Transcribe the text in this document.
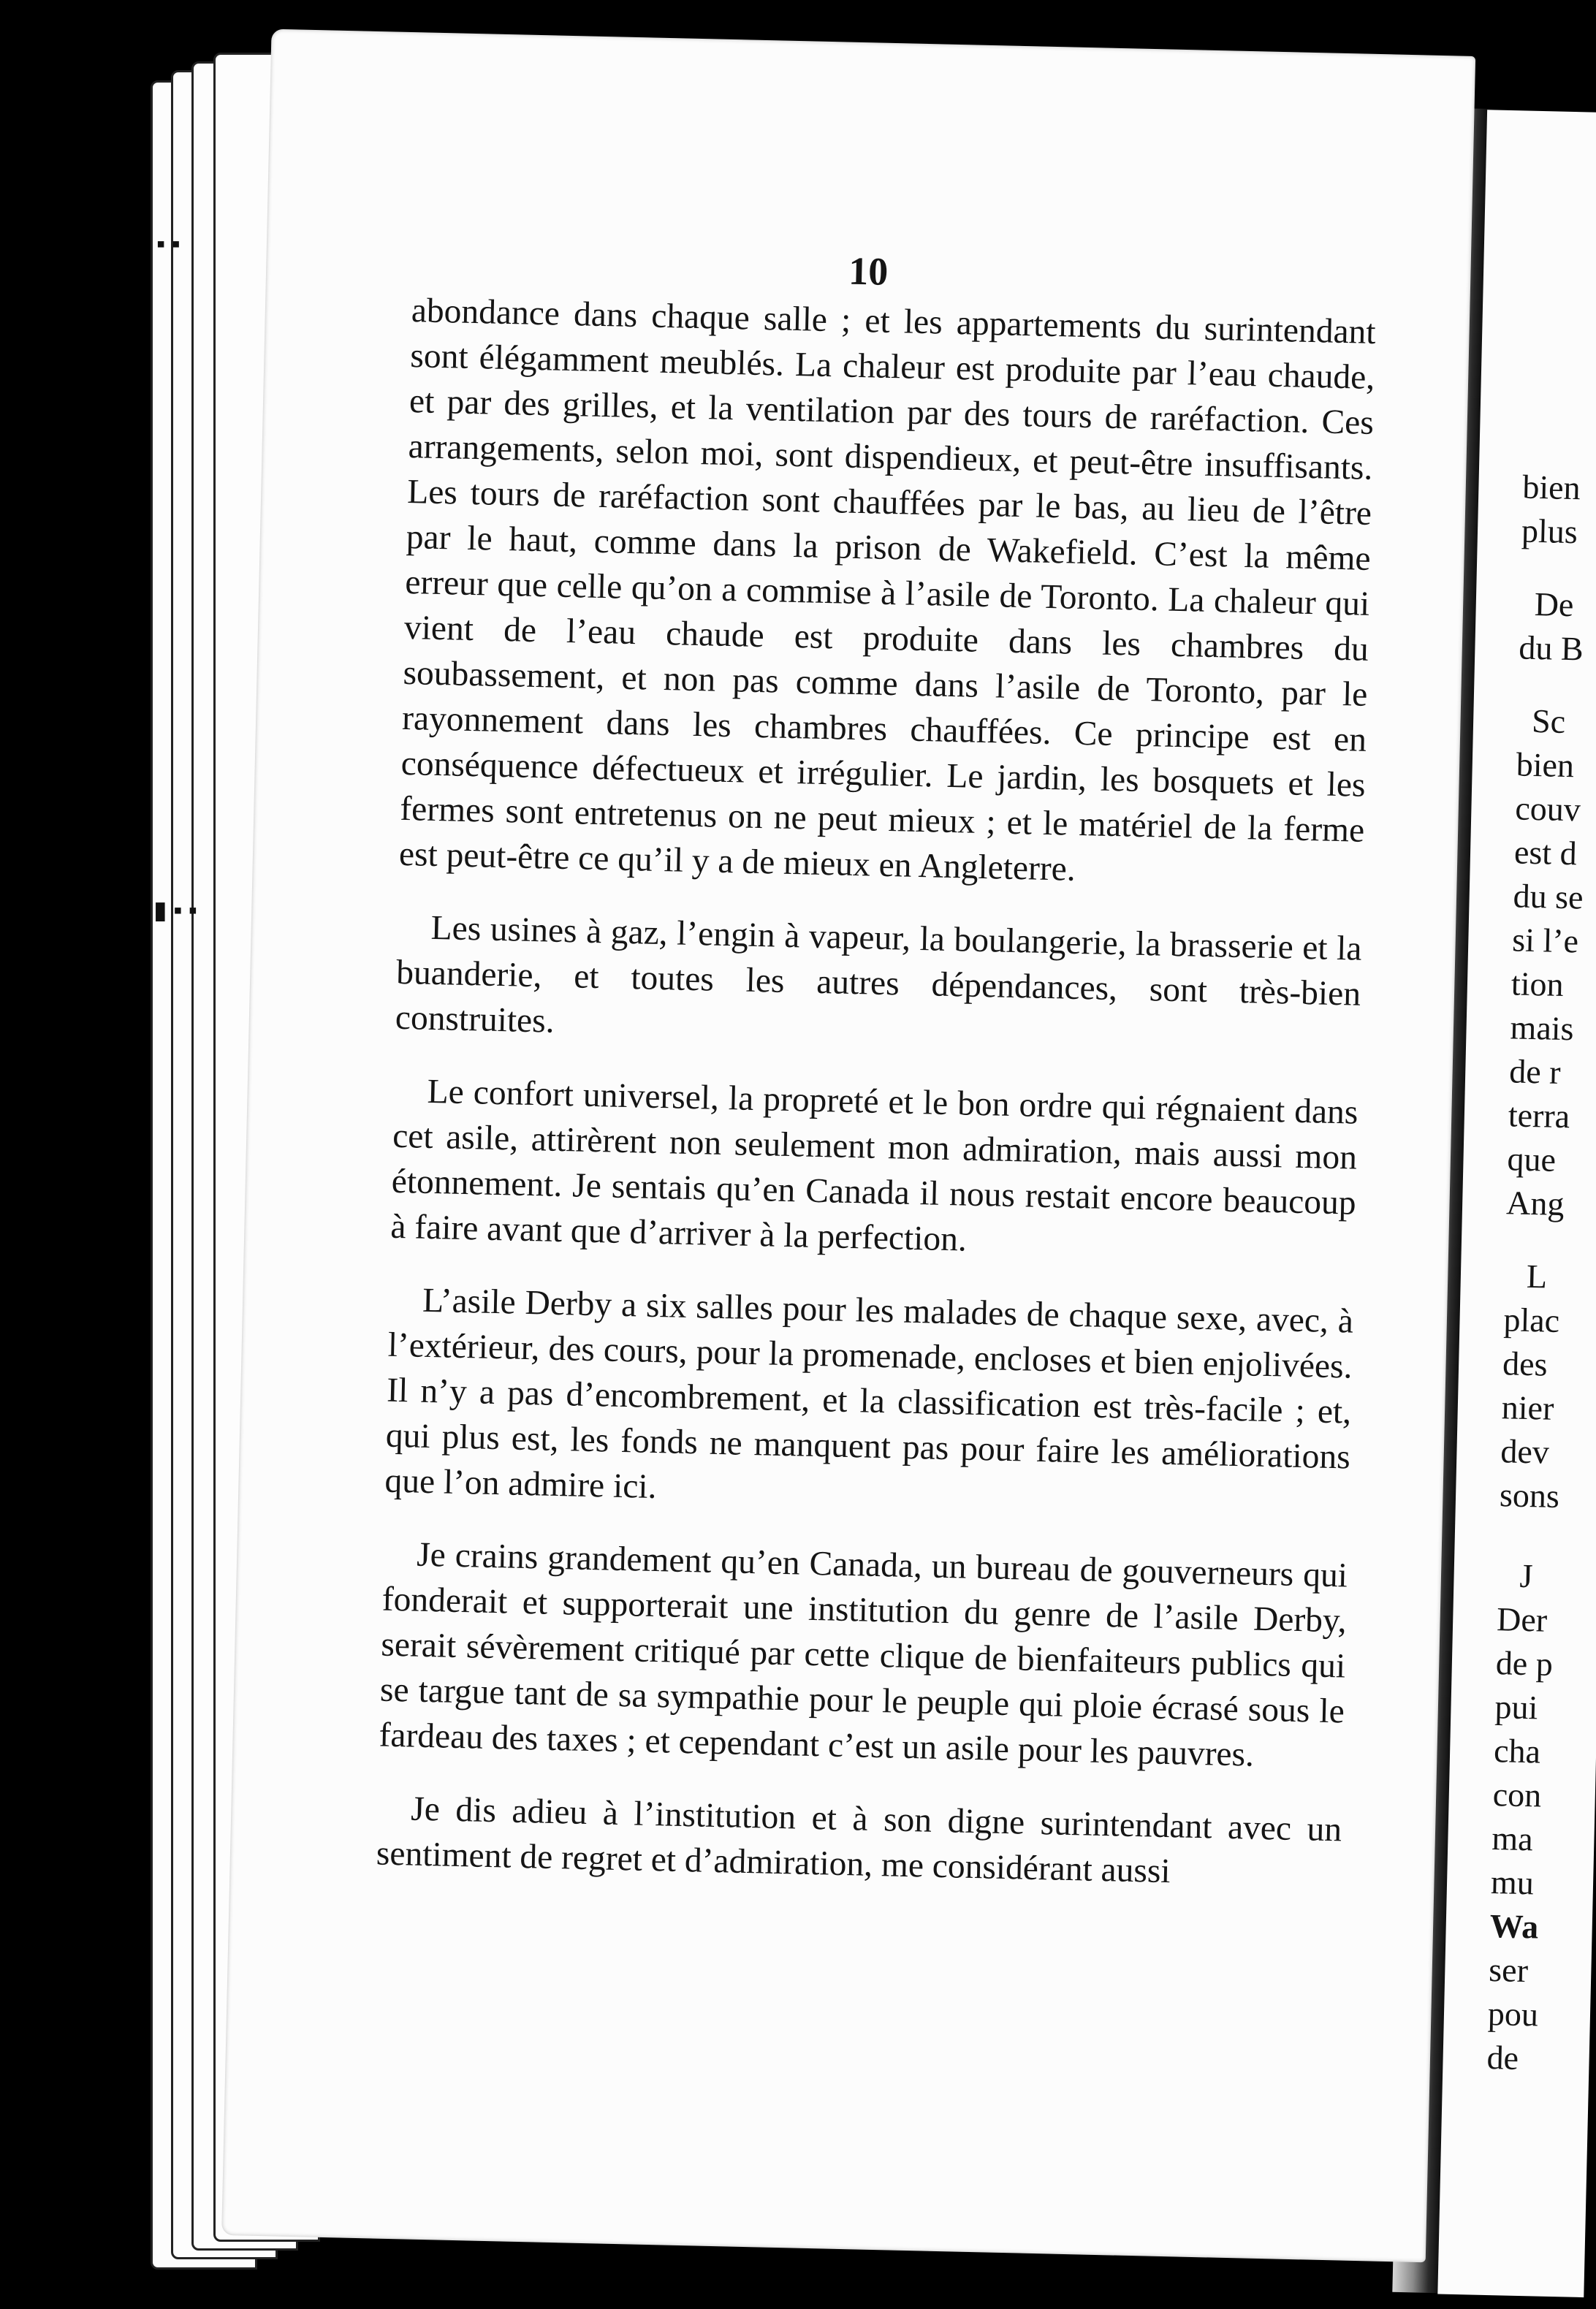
▪ ▪
▮ ▪ ▪
bien
plus
De
du B
Sc
bien
couv
est d
du se
si l’e
tion
mais
de r
terra
que
Ang
L
plac
des
nier
dev
sons
J
Der
de p
pui
cha
con
ma
mu
Wa
ser
pou
de
10

abondance dans chaque salle ; et les appartements du surintendant sont élégamment meublés. La chaleur est produite par l’eau chaude, et par des grilles, et la ventilation par des tours de raréfaction. Ces arrangements, selon moi, sont dispendieux, et peut-être insuffisants. Les tours de raréfaction sont chauffées par le bas, au lieu de l’être par le haut, comme dans la prison de Wakefield. C’est la même erreur que celle qu’on a commise à l’asile de Toronto. La chaleur qui vient de l’eau chaude est produite dans les chambres du soubassement, et non pas comme dans l’asile de Toronto, par le rayonnement dans les chambres chauffées. Ce principe est en conséquence défectueux et irrégulier. Le jardin, les bosquets et les fermes sont entretenus on ne peut mieux ; et le matériel de la ferme est peut-être ce qu’il y a de mieux en Angleterre.

Les usines à gaz, l’engin à vapeur, la boulangerie, la brasserie et la buanderie, et toutes les autres dépendances, sont très-bien construites.

Le confort universel, la propreté et le bon ordre qui régnaient dans cet asile, attirèrent non seulement mon admiration, mais aussi mon étonnement. Je sentais qu’en Canada il nous restait encore beaucoup à faire avant que d’arriver à la perfection.

L’asile Derby a six salles pour les malades de chaque sexe, avec, à l’extérieur, des cours, pour la promenade, encloses et bien enjolivées. Il n’y a pas d’encombrement, et la classification est très-facile ; et, qui plus est, les fonds ne manquent pas pour faire les améliorations que l’on admire ici.

Je crains grandement qu’en Canada, un bureau de gouverneurs qui fonderait et supporterait une institution du genre de l’asile Derby, serait sévèrement critiqué par cette clique de bienfaiteurs publics qui se targue tant de sa sympathie pour le peuple qui ploie écrasé sous le fardeau des taxes ; et cependant c’est un asile pour les pauvres.

Je dis adieu à l’institution et à son digne surintendant avec un sentiment de regret et d’admiration, me considérant aussi
